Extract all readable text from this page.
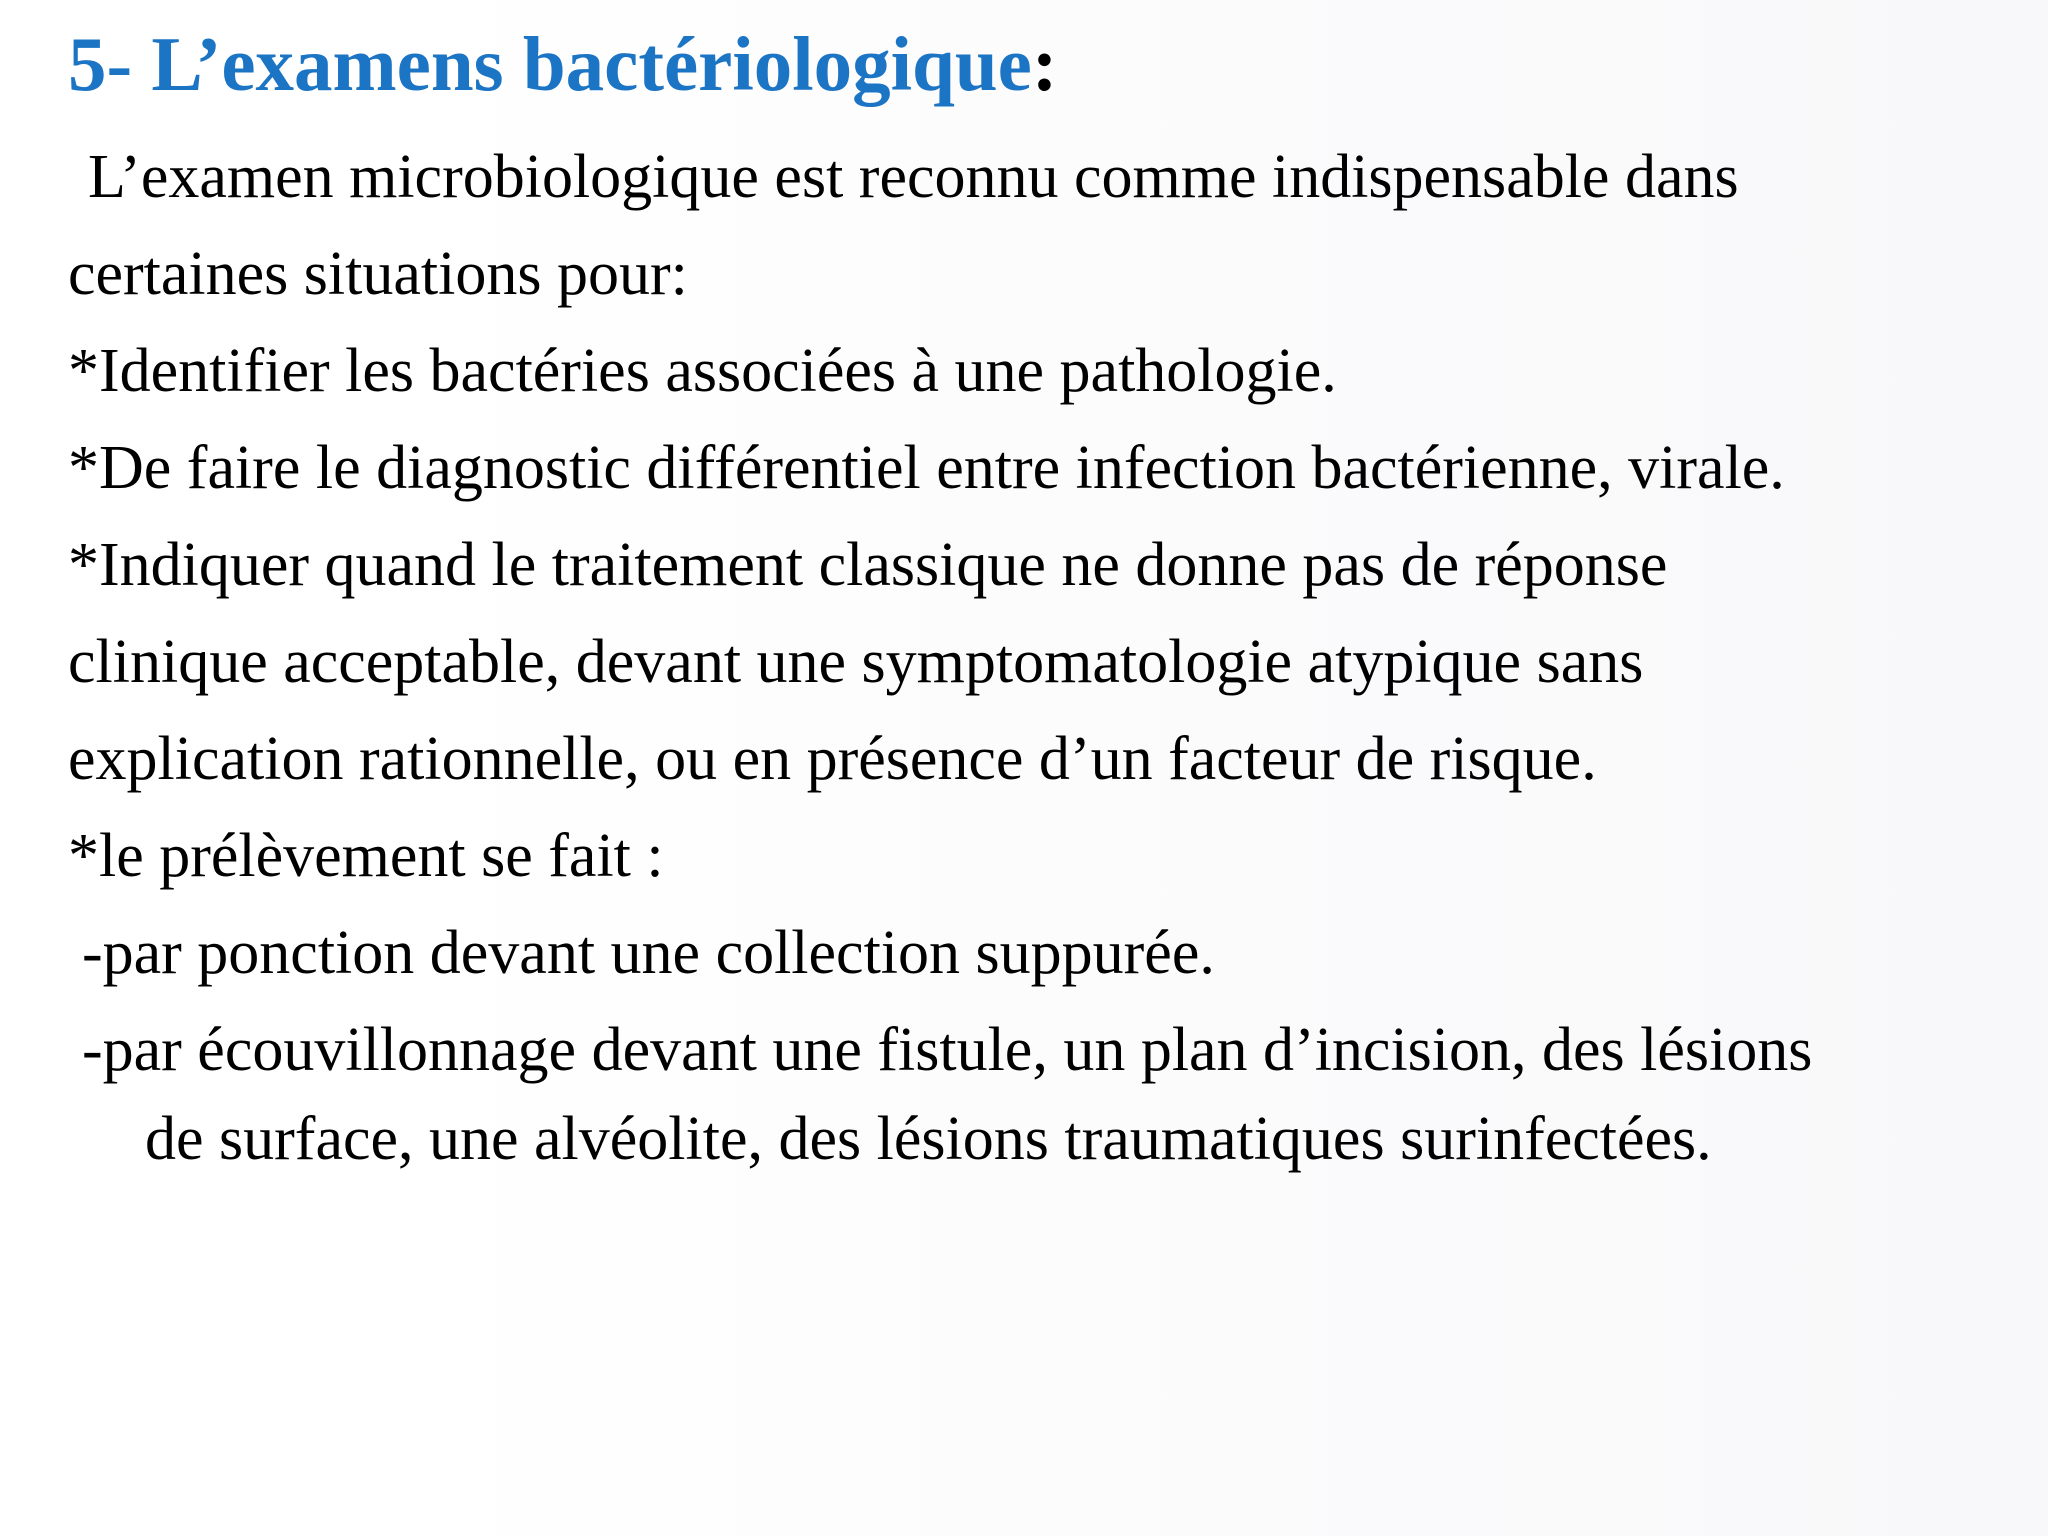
5- L’examens bactériologique:

L’examen microbiologique est reconnu comme indispensable dans

certaines situations pour:

*Identifier les bactéries associées à une pathologie.

*De faire le diagnostic différentiel entre infection bactérienne, virale.

*Indiquer quand le traitement classique ne donne pas de réponse

clinique acceptable, devant une symptomatologie atypique sans

explication rationnelle, ou en présence d’un facteur de risque.

*le prélèvement se fait :

-par ponction devant une collection suppurée.

-par écouvillonnage devant une fistule, un plan d’incision, des lésions

de surface, une alvéolite, des lésions traumatiques surinfectées.
